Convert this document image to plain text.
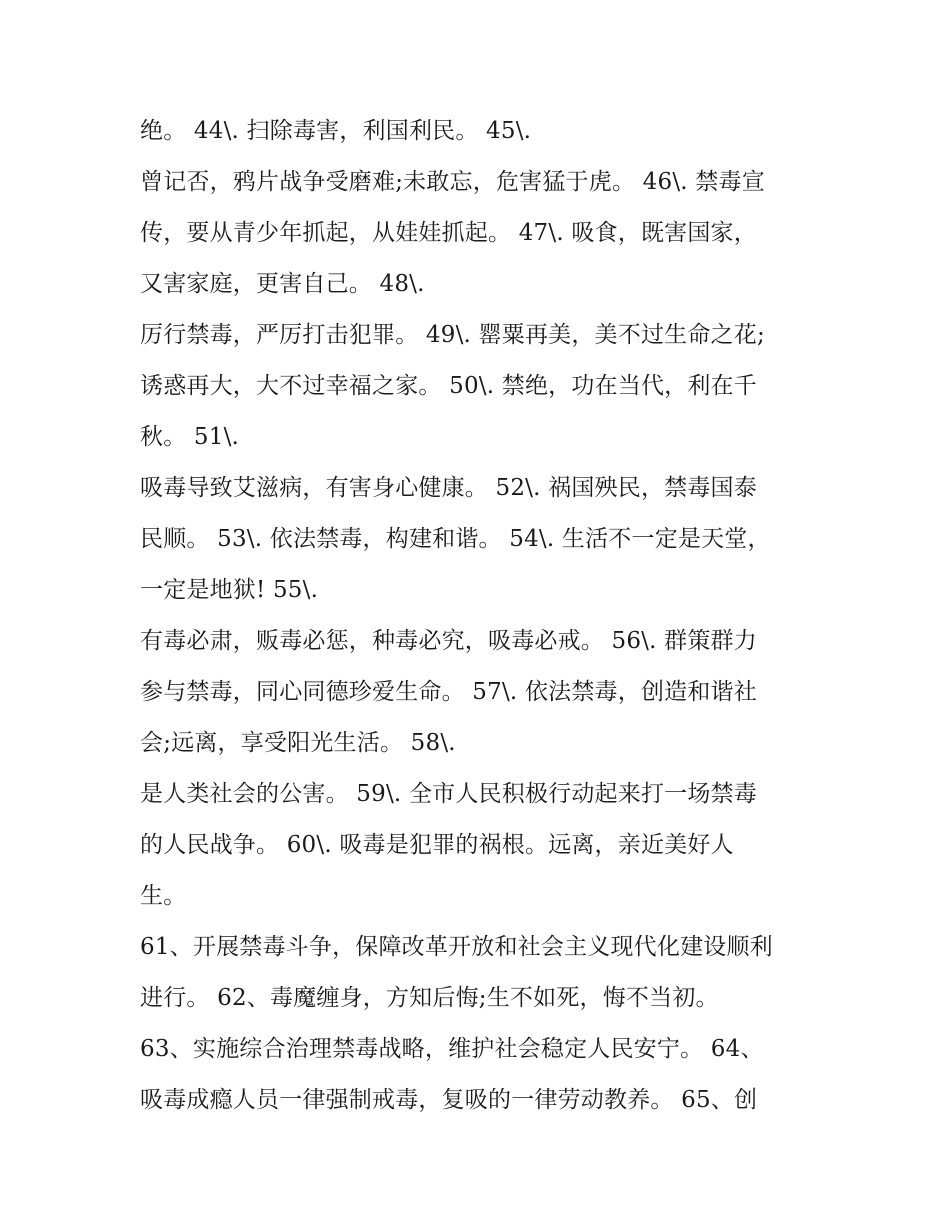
绝。 44\. 扫除毒害，利国利民。 45\.
曾记否，鸦片战争受磨难;未敢忘，危害猛于虎。 46\. 禁毒宣
传，要从青少年抓起，从娃娃抓起。 47\. 吸食，既害国家，
又害家庭，更害自己。 48\.
厉行禁毒，严厉打击犯罪。 49\. 罂粟再美，美不过生命之花;
诱惑再大，大不过幸福之家。 50\. 禁绝，功在当代，利在千
秋。 51\.
吸毒导致艾滋病，有害身心健康。 52\. 祸国殃民，禁毒国泰
民顺。 53\. 依法禁毒，构建和谐。 54\. 生活不一定是天堂，
一定是地狱! 55\.
有毒必肃，贩毒必惩，种毒必究，吸毒必戒。 56\. 群策群力
参与禁毒，同心同德珍爱生命。 57\. 依法禁毒，创造和谐社
会;远离，享受阳光生活。 58\.
是人类社会的公害。 59\. 全市人民积极行动起来打一场禁毒
的人民战争。 60\. 吸毒是犯罪的祸根。远离，亲近美好人
生。
61、开展禁毒斗争，保障改革开放和社会主义现代化建设顺利
进行。 62、毒魔缠身，方知后悔;生不如死，悔不当初。
63、实施综合治理禁毒战略，维护社会稳定人民安宁。 64、
吸毒成瘾人员一律强制戒毒，复吸的一律劳动教养。 65、创
